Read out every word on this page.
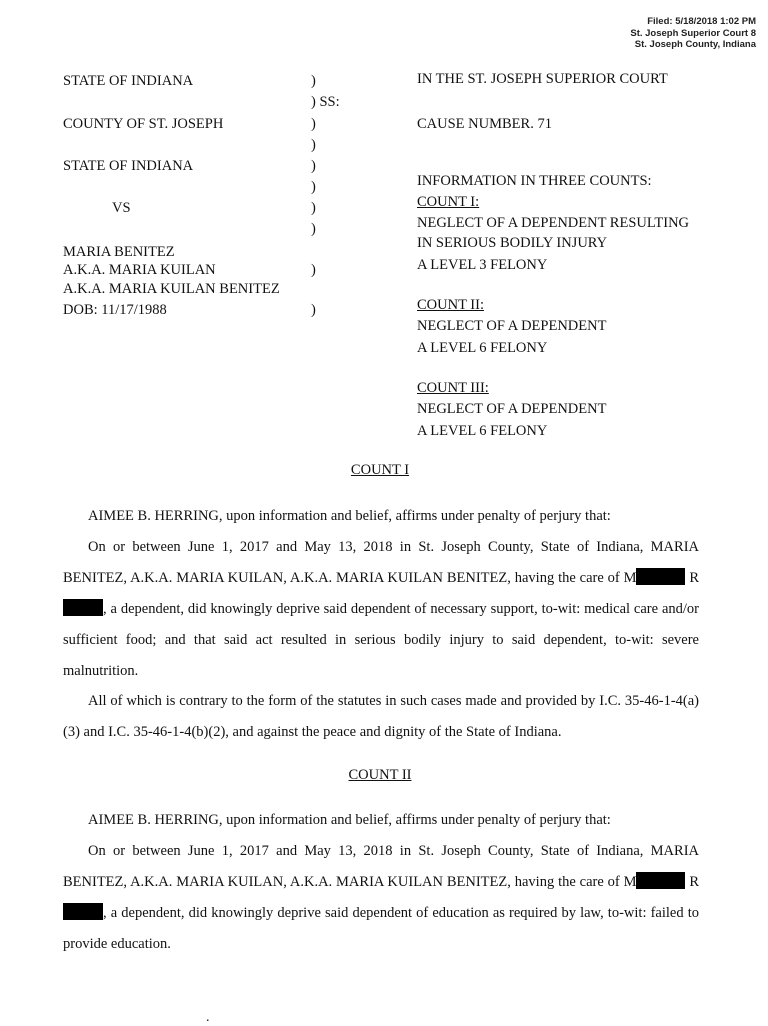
Filed: 5/18/2018 1:02 PM
St. Joseph Superior Court 8
St. Joseph County, Indiana
STATE OF INDIANA
COUNTY OF ST. JOSEPH
STATE OF INDIANA
VS
MARIA BENITEZ
A.K.A. MARIA KUILAN
A.K.A. MARIA KUILAN BENITEZ
DOB: 11/17/1988
)
) SS:
)
)
)
)
)
)
)
)
IN THE ST. JOSEPH SUPERIOR COURT
CAUSE NUMBER. 71
INFORMATION IN THREE COUNTS:
COUNT I:
NEGLECT OF A DEPENDENT RESULTING
IN SERIOUS BODILY INJURY
A LEVEL 3 FELONY
COUNT II:
NEGLECT OF A DEPENDENT
A LEVEL 6 FELONY
COUNT III:
NEGLECT OF A DEPENDENT
A LEVEL 6 FELONY
COUNT I
AIMEE B. HERRING, upon information and belief, affirms under penalty of perjury that:
On or between June 1, 2017 and May 13, 2018 in St. Joseph County, State of Indiana, MARIA BENITEZ, A.K.A. MARIA KUILAN, A.K.A. MARIA KUILAN BENITEZ, having the care of M	R, a dependent, did knowingly deprive said dependent of necessary support, to-wit: medical care and/or sufficient food; and that said act resulted in serious bodily injury to said dependent, to-wit: severe malnutrition.
All of which is contrary to the form of the statutes in such cases made and provided by I.C. 35-46-1-4(a)(3) and I.C. 35-46-1-4(b)(2), and against the peace and dignity of the State of Indiana.
COUNT II
AIMEE B. HERRING, upon information and belief, affirms under penalty of perjury that:
On or between June 1, 2017 and May 13, 2018 in St. Joseph County, State of Indiana, MARIA BENITEZ, A.K.A. MARIA KUILAN, A.K.A. MARIA KUILAN BENITEZ, having the care of M	R, a dependent, did knowingly deprive said dependent of education as required by law, to-wit: failed to provide education.
.
